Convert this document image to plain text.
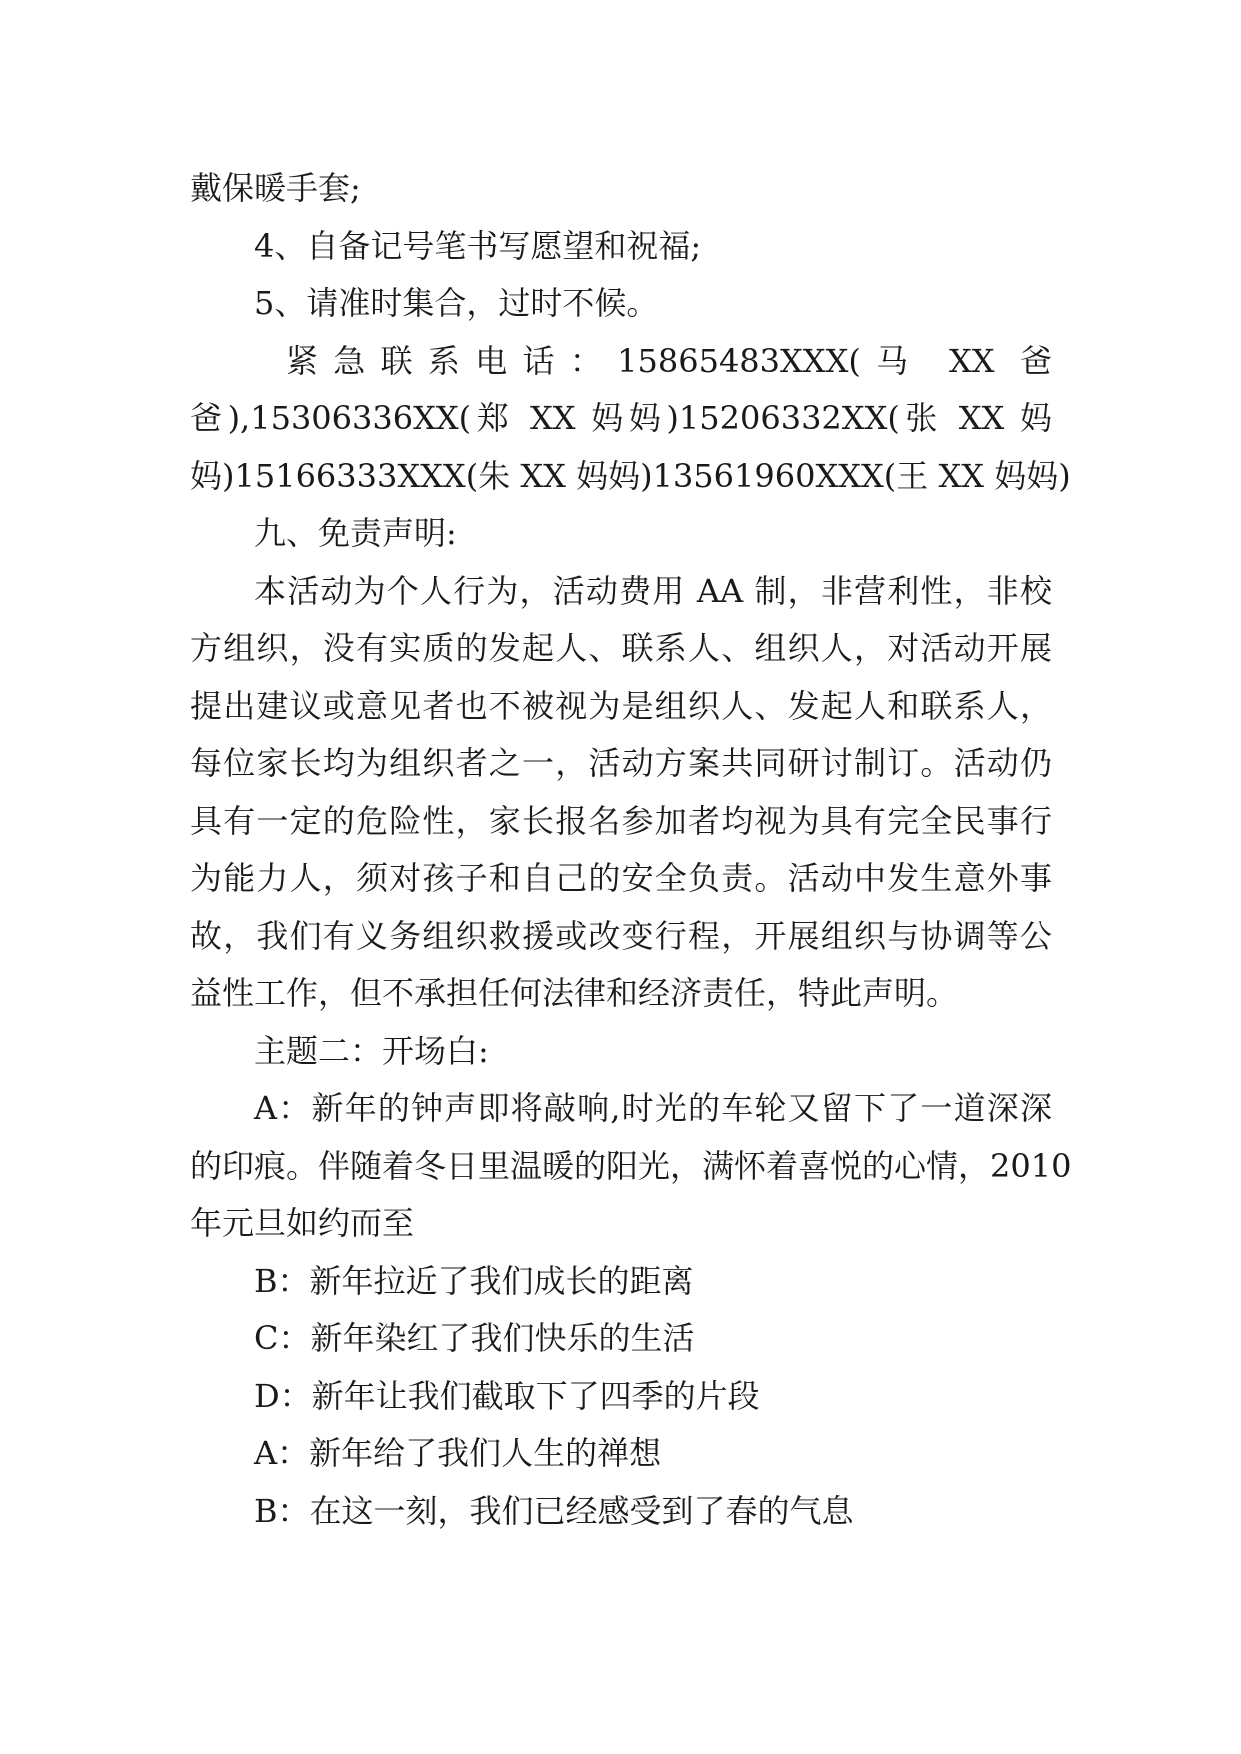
戴保暖手套;

4、自备记号笔书写愿望和祝福;

5、请准时集合，过时不候。

紧急联系电话：15865483XXX(马 XX 爸

爸),15306336XX(郑 XX 妈妈)15206332XX(张 XX 妈

妈)15166333XXX(朱 XX 妈妈)13561960XXX(王 XX 妈妈)

九、免责声明:

本活动为个人行为，活动费用 AA 制，非营利性，非校

方组织，没有实质的发起人、联系人、组织人，对活动开展

提出建议或意见者也不被视为是组织人、发起人和联系人，

每位家长均为组织者之一，活动方案共同研讨制订。活动仍

具有一定的危险性，家长报名参加者均视为具有完全民事行

为能力人，须对孩子和自己的安全负责。活动中发生意外事

故，我们有义务组织救援或改变行程，开展组织与协调等公

益性工作，但不承担任何法律和经济责任，特此声明。

主题二：开场白:

A：新年的钟声即将敲响,时光的车轮又留下了一道深深

的印痕。伴随着冬日里温暖的阳光，满怀着喜悦的心情，2010

年元旦如约而至

B：新年拉近了我们成长的距离

C：新年染红了我们快乐的生活

D：新年让我们截取下了四季的片段

A：新年给了我们人生的禅想

B：在这一刻，我们已经感受到了春的气息
